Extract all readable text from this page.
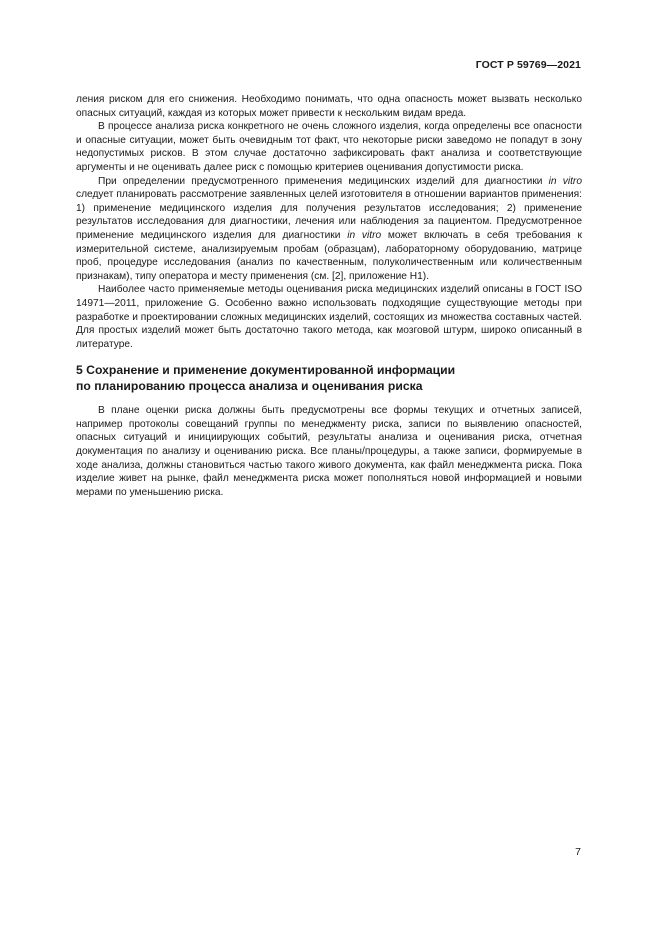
ГОСТ Р 59769—2021

ления риском для его снижения. Необходимо понимать, что одна опасность может вызвать несколько опасных ситуаций, каждая из которых может привести к нескольким видам вреда.

В процессе анализа риска конкретного не очень сложного изделия, когда определены все опасности и опасные ситуации, может быть очевидным тот факт, что некоторые риски заведомо не попадут в зону недопустимых рисков. В этом случае достаточно зафиксировать факт анализа и соответствующие аргументы и не оценивать далее риск с помощью критериев оценивания допустимости риска.

При определении предусмотренного применения медицинских изделий для диагностики in vitro следует планировать рассмотрение заявленных целей изготовителя в отношении вариантов применения: 1) применение медицинского изделия для получения результатов исследования; 2) применение результатов исследования для диагностики, лечения или наблюдения за пациентом. Предусмотренное применение медицинского изделия для диагностики in vitro может включать в себя требования к измерительной системе, анализируемым пробам (образцам), лабораторному оборудованию, матрице проб, процедуре исследования (анализ по качественным, полуколичественным или количественным признакам), типу оператора и месту применения (см. [2], приложение Н1).

Наиболее часто применяемые методы оценивания риска медицинских изделий описаны в ГОСТ ISO 14971—2011, приложение G. Особенно важно использовать подходящие существующие методы при разработке и проектировании сложных медицинских изделий, состоящих из множества составных частей. Для простых изделий может быть достаточно такого метода, как мозговой штурм, широко описанный в литературе.

5 Сохранение и применение документированной информации
по планированию процесса анализа и оценивания риска

В плане оценки риска должны быть предусмотрены все формы текущих и отчетных записей, например протоколы совещаний группы по менеджменту риска, записи по выявлению опасностей, опасных ситуаций и инициирующих событий, результаты анализа и оценивания риска, отчетная документация по анализу и оцениванию риска. Все планы/процедуры, а также записи, формируемые в ходе анализа, должны становиться частью такого живого документа, как файл менеджмента риска. Пока изделие живет на рынке, файл менеджмента риска может пополняться новой информацией и новыми мерами по уменьшению риска.

7
